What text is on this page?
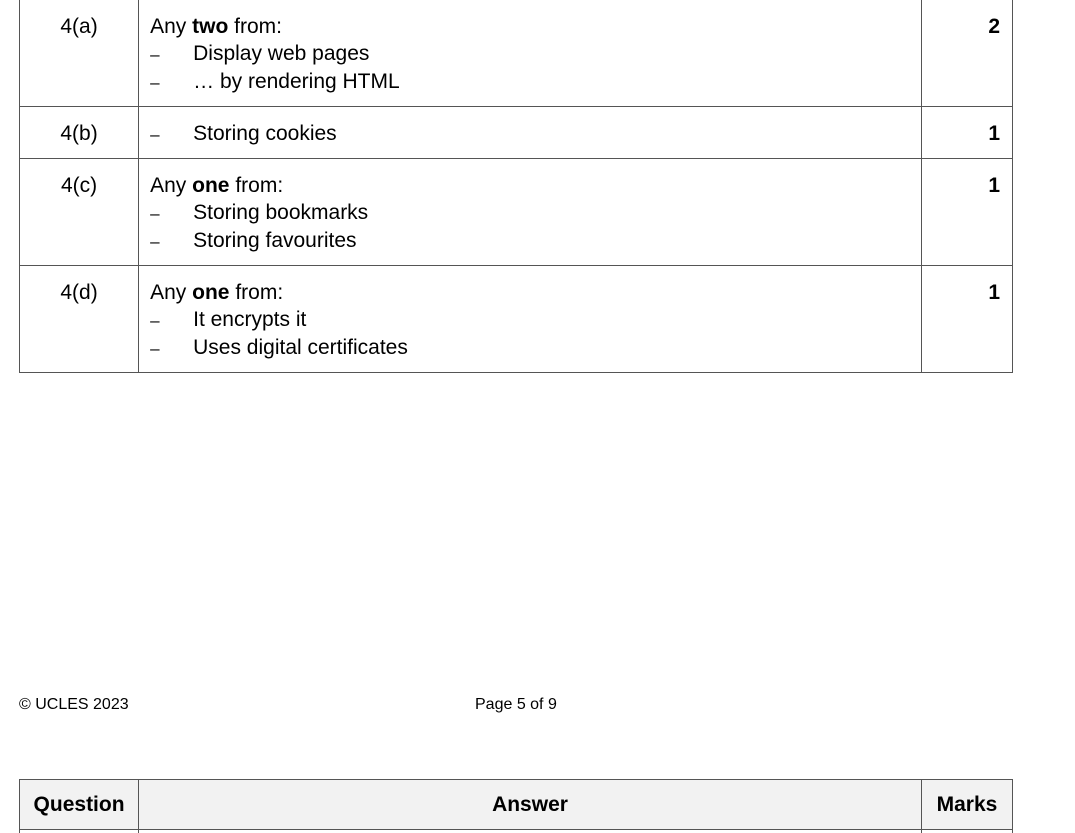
4(a)	Any two from:
– Display web pages
– … by rendering HTML	2
4(b)	– Storing cookies	1
4(c)	Any one from:
– Storing bookmarks
– Storing favourites	1
4(d)	Any one from:
– It encrypts it
– Uses digital certificates	1
© UCLES 2023	Page 5 of 9
Question	Answer	Marks
